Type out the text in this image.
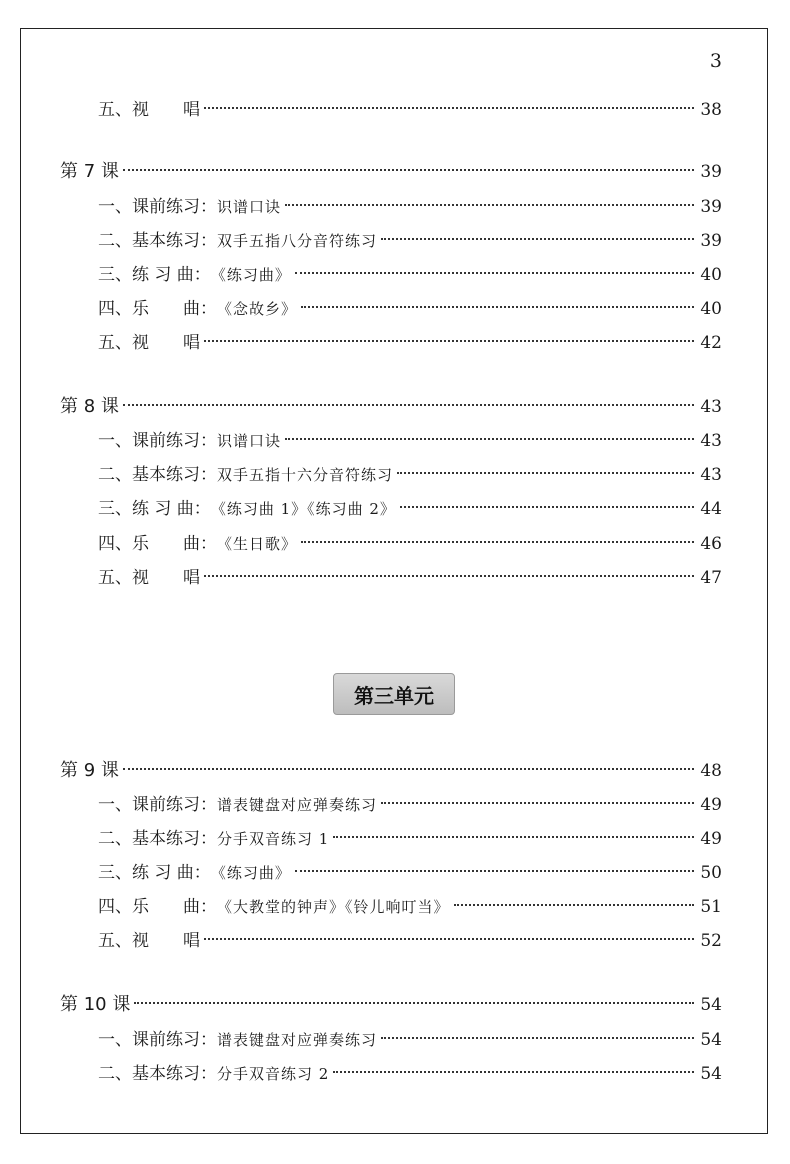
3
五、视　　唱	38
第 7 课	39
一、课前练习： 识谱口诀	39
二、基本练习： 双手五指八分音符练习	39
三、练 习 曲： 《练习曲》	40
四、乐　　曲： 《念故乡》	40
五、视　　唱	42
第 8 课	43
一、课前练习： 识谱口诀	43
二、基本练习： 双手五指十六分音符练习	43
三、练 习 曲： 《练习曲 1》《练习曲 2》	44
四、乐　　曲： 《生日歌》	46
五、视　　唱	47
第三单元
第 9 课	48
一、课前练习： 谱表键盘对应弹奏练习	49
二、基本练习： 分手双音练习 1	49
三、练 习 曲： 《练习曲》	50
四、乐　　曲： 《大教堂的钟声》《铃儿响叮当》	51
五、视　　唱	52
第 10 课	54
一、课前练习： 谱表键盘对应弹奏练习	54
二、基本练习： 分手双音练习 2	54
